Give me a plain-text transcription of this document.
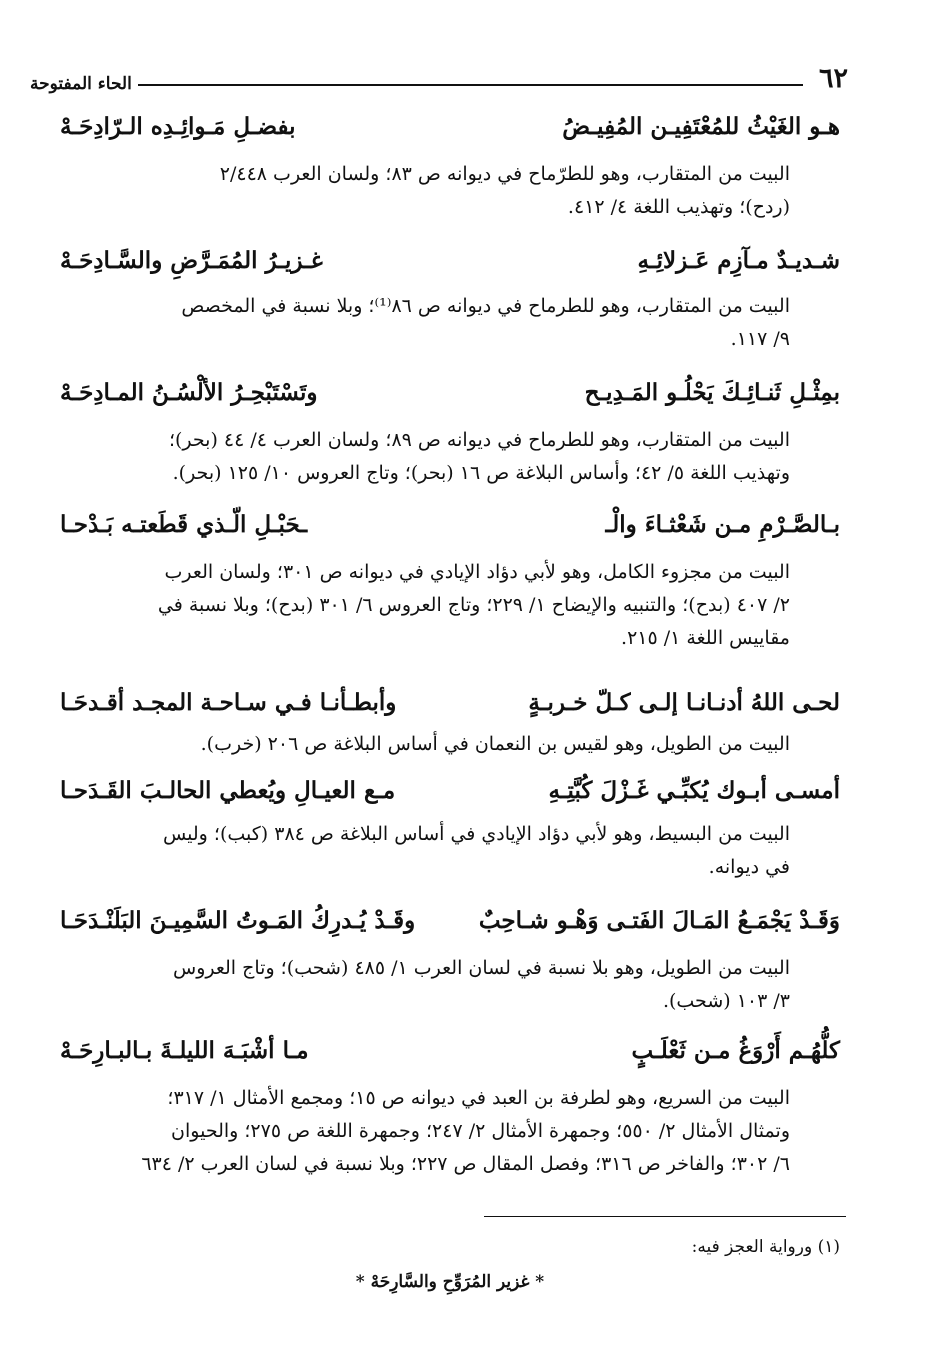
٦٢
الحاء المفتوحة
هـو الغَيْثُ للمُعْتَفِيـن المُفِيـضُ
بفضـلِ مَـوائِـدِه الـرّادِحَـهْ
البيت من المتقارب، وهو للطرّماح في ديوانه ص ٨٣؛ ولسان العرب ٢/٤٤٨
(ردح)؛ وتهذيب اللغة ٤/ ٤١٢.
شـديـدٌ مـآزِم عَـزلائِـهِ
غـزيـرُ المُمَـرَّضِ والسَّـادِحَـهْ
البيت من المتقارب، وهو للطرماح في ديوانه ص ٨٦⁽¹⁾؛ وبلا نسبة في المخصص
٩/ ١١٧.
بمِثْـلِ ثَنـائِـكَ يَحْلُـو المَـدِيـح
وتَسْتَبْحِـرُ الألْسُـنُ المـادِحَـهْ
البيت من المتقارب، وهو للطرماح في ديوانه ص ٨٩؛ ولسان العرب ٤/ ٤٤ (بحر)؛
وتهذيب اللغة ٥/ ٤٢؛ وأساس البلاغة ص ١٦ (بحر)؛ وتاج العروس ١٠/ ١٢٥ (بحر).
بـالصَّـرْمِ مـن شَعْثـاءَ والْـ
ـحَبْـلِ الّـذي قَطَعتـه بَـدْحـا
البيت من مجزوء الكامل، وهو لأبي دؤاد الإيادي في ديوانه ص ٣٠١؛ ولسان العرب
٢/ ٤٠٧ (بدح)؛ والتنبيه والإيضاح ١/ ٢٢٩؛ وتاج العروس ٦/ ٣٠١ (بدح)؛ وبلا نسبة في
مقاييس اللغة ١/ ٢١٥.
لحـى اللهُ أدنـانـا إلـى كـلّ خـربـةٍ
وأبطـأنـا فـي سـاحـة المجـد أقـدحَـا
البيت من الطويل، وهو لقيس بن النعمان في أساس البلاغة ص ٢٠٦ (خرب).
أمسـى أبـوك يُكبِّـي غَـزْلَ كُبَّتِـهِ
مـع العيـالِ ويُعطي الحالـبَ القَـدَحـا
البيت من البسيط، وهو لأبي دؤاد الإيادي في أساس البلاغة ص ٣٨٤ (كبب)؛ وليس
في ديوانه.
وَقَـدْ يَجْمَـعُ المَـالَ الفَتـى وَهْـو شـاحِبٌ
وقَـدْ يُـدرِكُ المَـوتُ السَّمِيـنَ البَلَنْـدَحَـا
البيت من الطويل، وهو بلا نسبة في لسان العرب ١/ ٤٨٥ (شحب)؛ وتاج العروس
٣/ ١٠٣ (شحب).
كلُّهُـم أَرْوَغُ مـن ثَعْلَـبٍ
مـا أشْبَـهَ الليلـةَ بـالبـارِحَـهْ
البيت من السريع، وهو لطرفة بن العبد في ديوانه ص ١٥؛ ومجمع الأمثال ١/ ٣١٧؛
وتمثال الأمثال ٢/ ٥٥٠؛ وجمهرة الأمثال ٢/ ٢٤٧؛ وجمهرة اللغة ص ٢٧٥؛ والحيوان
٦/ ٣٠٢؛ والفاخر ص ٣١٦؛ وفصل المقال ص ٢٢٧؛ وبلا نسبة في لسان العرب ٢/ ٦٣٤
(١) ورواية العجز فيه:
* غزير المُرَوِّحِ والسَّارِحَهْ *
